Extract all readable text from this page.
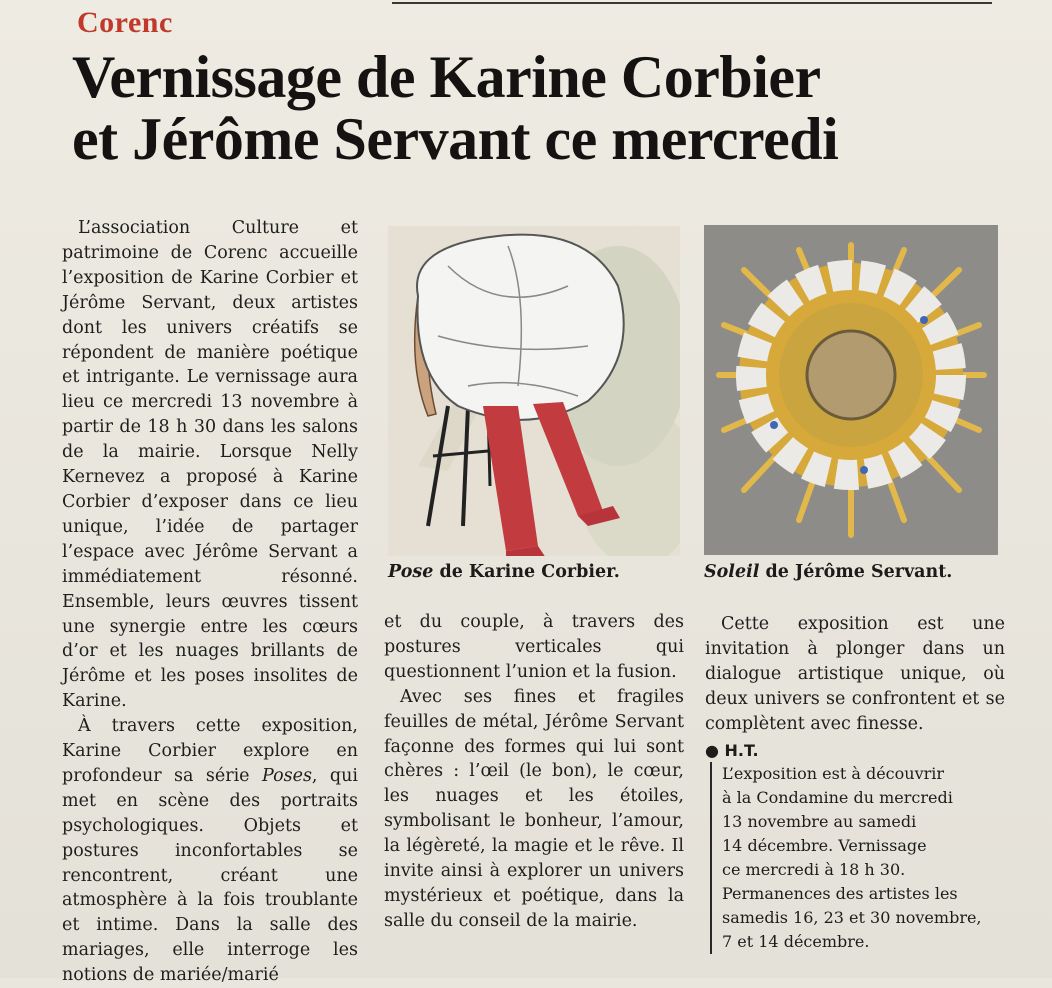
Corenc
Vernissage de Karine Corbier
et Jérôme Servant ce mercredi

L’association Culture et patrimoine de Corenc accueille l’exposition de Karine Corbier et Jérôme Servant, deux artistes dont les univers créatifs se répondent de manière poétique et intrigante. Le vernissage aura lieu ce mercredi 13 novembre à partir de 18 h 30 dans les salons de la mairie. Lorsque Nelly Kernevez a proposé à Karine Corbier d’exposer dans ce lieu unique, l’idée de partager l’espace avec Jérôme Servant a immédiatement résonné. Ensemble, leurs œuvres tissent une synergie entre les cœurs d’or et les nuages brillants de Jérôme et les poses insolites de Karine.

À travers cette exposition, Karine Corbier explore en profondeur sa série Poses, qui met en scène des portraits psychologiques. Objets et postures inconfortables se rencontrent, créant une atmosphère à la fois troublante et intime. Dans la salle des mariages, elle interroge les notions de mariée/marié

Pose de Karine Corbier.	Soleil de Jérôme Servant.

et du couple, à travers des postures verticales qui questionnent l’union et la fusion.

Avec ses fines et fragiles feuilles de métal, Jérôme Servant façonne des formes qui lui sont chères : l’œil (le bon), le cœur, les nuages et les étoiles, symbolisant le bonheur, l’amour, la légèreté, la magie et le rêve. Il invite ainsi à explorer un univers mystérieux et poétique, dans la salle du conseil de la mairie.

Cette exposition est une invitation à plonger dans un dialogue artistique unique, où deux univers se confrontent et se complètent avec finesse.

● H.T.

L’exposition est à découvrir

à la Condamine du mercredi

13 novembre au samedi

14 décembre. Vernissage

ce mercredi à 18 h 30.

Permanences des artistes les

samedis 16, 23 et 30 novembre,

7 et 14 décembre.
